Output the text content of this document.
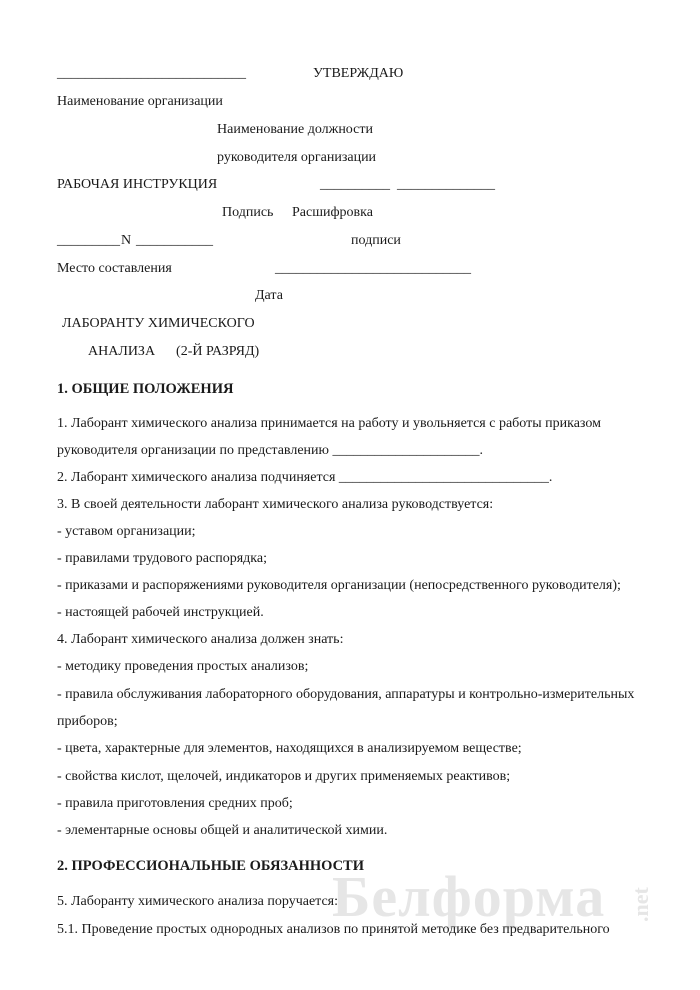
Белформа .net
___________________________	УТВЕРЖДАЮ
Наименование организации
Наименование должности
руководителя организации
РАБОЧАЯ ИНСТРУКЦИЯ	__________ ______________
Подпись Расшифровка
_________ N ___________	подписи
Место составления	____________________________
Дата
ЛАБОРАНТУ ХИМИЧЕСКОГО
АНАЛИЗА      (2-Й РАЗРЯД)
1. ОБЩИЕ ПОЛОЖЕНИЯ
1. Лаборант химического анализа принимается на работу и увольняется с работы приказом
руководителя организации по представлению _____________________.
2. Лаборант химического анализа подчиняется ______________________________.
3. В своей деятельности лаборант химического анализа руководствуется:
- уставом организации;
- правилами трудового распорядка;
- приказами и распоряжениями руководителя организации (непосредственного руководителя);
- настоящей рабочей инструкцией.
4. Лаборант химического анализа должен знать:
- методику проведения простых анализов;
- правила обслуживания лабораторного оборудования, аппаратуры и контрольно-измерительных
приборов;
- цвета, характерные для элементов, находящихся в анализируемом веществе;
- свойства кислот, щелочей, индикаторов и других применяемых реактивов;
- правила приготовления средних проб;
- элементарные основы общей и аналитической химии.
2. ПРОФЕССИОНАЛЬНЫЕ ОБЯЗАННОСТИ
5. Лаборанту химического анализа поручается:
5.1. Проведение простых однородных анализов по принятой методике без предварительного
